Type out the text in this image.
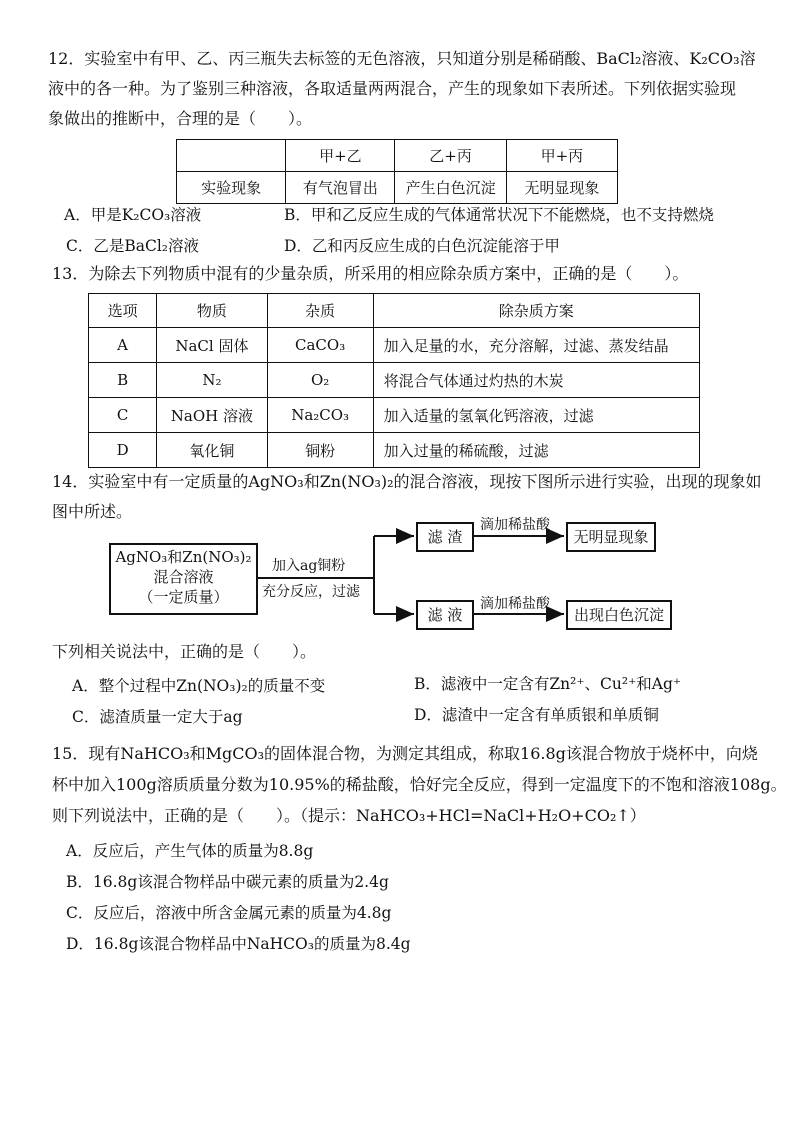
12．实验室中有甲、乙、丙三瓶失去标签的无色溶液，只知道分别是稀硝酸、BaCl₂溶液、K₂CO₃溶
液中的各一种。为了鉴别三种溶液，各取适量两两混合，产生的现象如下表所述。下列依据实验现
象做出的推断中，合理的是（　　）。
	甲+乙	乙+丙	甲+丙
实验现象	有气泡冒出	产生白色沉淀	无明显现象
A．甲是K₂CO₃溶液	B．甲和乙反应生成的气体通常状况下不能燃烧，也不支持燃烧
C．乙是BaCl₂溶液	D．乙和丙反应生成的白色沉淀能溶于甲
13．为除去下列物质中混有的少量杂质，所采用的相应除杂质方案中，正确的是（　　）。
选项	物质	杂质	除杂质方案
A	NaCl 固体	CaCO₃	加入足量的水，充分溶解，过滤、蒸发结晶
B	N₂	O₂	将混合气体通过灼热的木炭
C	NaOH 溶液	Na₂CO₃	加入适量的氢氧化钙溶液，过滤
D	氧化铜	铜粉	加入过量的稀硫酸，过滤
14．实验室中有一定质量的AgNO₃和Zn(NO₃)₂的混合溶液，现按下图所示进行实验，出现的现象如
图中所述。
AgNO₃和Zn(NO₃)₂
混合溶液
（一定质量）
加入ag铜粉
充分反应，过滤
滤 渣
滤 液
滴加稀盐酸
滴加稀盐酸
无明显现象
出现白色沉淀
下列相关说法中，正确的是（　　）。
A．整个过程中Zn(NO₃)₂的质量不变	B．滤液中一定含有Zn²⁺、Cu²⁺和Ag⁺
C．滤渣质量一定大于ag	D．滤渣中一定含有单质银和单质铜
15．现有NaHCO₃和MgCO₃的固体混合物，为测定其组成，称取16.8g该混合物放于烧杯中，向烧
杯中加入100g溶质质量分数为10.95%的稀盐酸，恰好完全反应，得到一定温度下的不饱和溶液108g。
则下列说法中，正确的是（　　）。（提示：NaHCO₃+HCl=NaCl+H₂O+CO₂↑）
A．反应后，产生气体的质量为8.8g
B．16.8g该混合物样品中碳元素的质量为2.4g
C．反应后，溶液中所含金属元素的质量为4.8g
D．16.8g该混合物样品中NaHCO₃的质量为8.4g
